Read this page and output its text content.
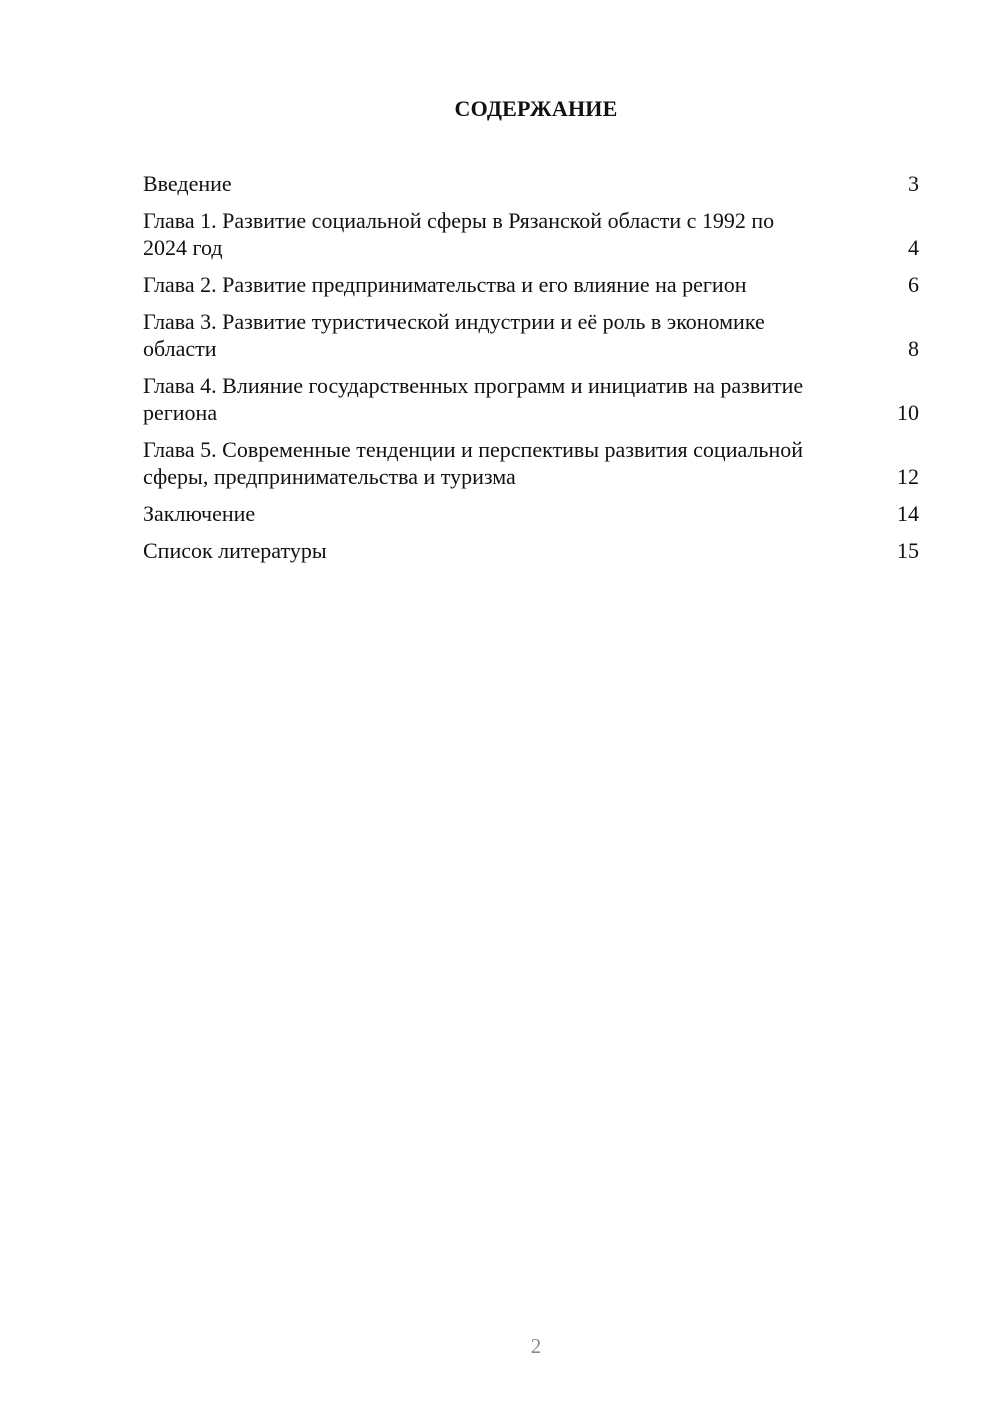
СОДЕРЖАНИЕ
Введение	3
Глава 1. Развитие социальной сферы в Рязанской области с 1992 по 2024 год	4
Глава 2. Развитие предпринимательства и его влияние на регион	6
Глава 3. Развитие туристической индустрии и её роль в экономике области	8
Глава 4. Влияние государственных программ и инициатив на развитие региона	10
Глава 5. Современные тенденции и перспективы развития социальной сферы, предпринимательства и туризма	12
Заключение	14
Список литературы	15
2
